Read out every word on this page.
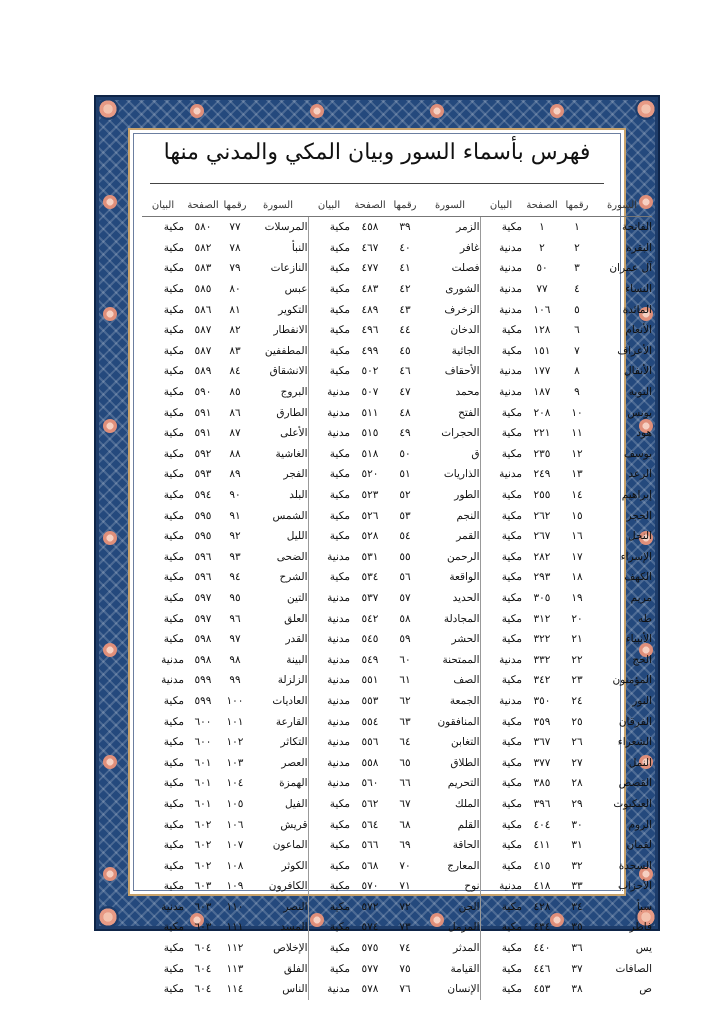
فهرس بأسماء السور وبيان المكي والمدني منها
السورة	رقمها	الصفحة	البيان	السورة	رقمها	الصفحة	البيان	السورة	رقمها	الصفحة	البيان
الفاتحة	١	١	مكية	الزمر	٣٩	٤٥٨	مكية	المرسلات	٧٧	٥٨٠	مكية
البقرة	٢	٢	مدنية	غافر	٤٠	٤٦٧	مكية	النبأ	٧٨	٥٨٢	مكية
آل عمران	٣	٥٠	مدنية	فصلت	٤١	٤٧٧	مكية	النازعات	٧٩	٥٨٣	مكية
النساء	٤	٧٧	مدنية	الشورى	٤٢	٤٨٣	مكية	عبس	٨٠	٥٨٥	مكية
المائدة	٥	١٠٦	مدنية	الزخرف	٤٣	٤٨٩	مكية	التكوير	٨١	٥٨٦	مكية
الأنعام	٦	١٢٨	مكية	الدخان	٤٤	٤٩٦	مكية	الانفطار	٨٢	٥٨٧	مكية
الأعراف	٧	١٥١	مكية	الجاثية	٤٥	٤٩٩	مكية	المطففين	٨٣	٥٨٧	مكية
الأنفال	٨	١٧٧	مدنية	الأحقاف	٤٦	٥٠٢	مكية	الانشقاق	٨٤	٥٨٩	مكية
التوبة	٩	١٨٧	مدنية	محمد	٤٧	٥٠٧	مدنية	البروج	٨٥	٥٩٠	مكية
يونس	١٠	٢٠٨	مكية	الفتح	٤٨	٥١١	مدنية	الطارق	٨٦	٥٩١	مكية
هود	١١	٢٢١	مكية	الحجرات	٤٩	٥١٥	مدنية	الأعلى	٨٧	٥٩١	مكية
يوسف	١٢	٢٣٥	مكية	ق	٥٠	٥١٨	مكية	الغاشية	٨٨	٥٩٢	مكية
الرعد	١٣	٢٤٩	مدنية	الذاريات	٥١	٥٢٠	مكية	الفجر	٨٩	٥٩٣	مكية
إبراهيم	١٤	٢٥٥	مكية	الطور	٥٢	٥٢٣	مكية	البلد	٩٠	٥٩٤	مكية
الحجر	١٥	٢٦٢	مكية	النجم	٥٣	٥٢٦	مكية	الشمس	٩١	٥٩٥	مكية
النحل	١٦	٢٦٧	مكية	القمر	٥٤	٥٢٨	مكية	الليل	٩٢	٥٩٥	مكية
الإسراء	١٧	٢٨٢	مكية	الرحمن	٥٥	٥٣١	مدنية	الضحى	٩٣	٥٩٦	مكية
الكهف	١٨	٢٩٣	مكية	الواقعة	٥٦	٥٣٤	مكية	الشرح	٩٤	٥٩٦	مكية
مريم	١٩	٣٠٥	مكية	الحديد	٥٧	٥٣٧	مدنية	التين	٩٥	٥٩٧	مكية
طه	٢٠	٣١٢	مكية	المجادلة	٥٨	٥٤٢	مدنية	العلق	٩٦	٥٩٧	مكية
الأنبياء	٢١	٣٢٢	مكية	الحشر	٥٩	٥٤٥	مدنية	القدر	٩٧	٥٩٨	مكية
الحج	٢٢	٣٣٢	مدنية	الممتحنة	٦٠	٥٤٩	مدنية	البينة	٩٨	٥٩٨	مدنية
المؤمنون	٢٣	٣٤٢	مكية	الصف	٦١	٥٥١	مدنية	الزلزلة	٩٩	٥٩٩	مدنية
النور	٢٤	٣٥٠	مدنية	الجمعة	٦٢	٥٥٣	مدنية	العاديات	١٠٠	٥٩٩	مكية
الفرقان	٢٥	٣٥٩	مكية	المنافقون	٦٣	٥٥٤	مدنية	القارعة	١٠١	٦٠٠	مكية
الشعراء	٢٦	٣٦٧	مكية	التغابن	٦٤	٥٥٦	مدنية	التكاثر	١٠٢	٦٠٠	مكية
النمل	٢٧	٣٧٧	مكية	الطلاق	٦٥	٥٥٨	مدنية	العصر	١٠٣	٦٠١	مكية
القصص	٢٨	٣٨٥	مكية	التحريم	٦٦	٥٦٠	مدنية	الهمزة	١٠٤	٦٠١	مكية
العنكبوت	٢٩	٣٩٦	مكية	الملك	٦٧	٥٦٢	مكية	الفيل	١٠٥	٦٠١	مكية
الروم	٣٠	٤٠٤	مكية	القلم	٦٨	٥٦٤	مكية	قريش	١٠٦	٦٠٢	مكية
لقمان	٣١	٤١١	مكية	الحاقة	٦٩	٥٦٦	مكية	الماعون	١٠٧	٦٠٢	مكية
السجدة	٣٢	٤١٥	مكية	المعارج	٧٠	٥٦٨	مكية	الكوثر	١٠٨	٦٠٢	مكية
الأحزاب	٣٣	٤١٨	مدنية	نوح	٧١	٥٧٠	مكية	الكافرون	١٠٩	٦٠٣	مكية
سبأ	٣٤	٤٢٨	مكية	الجن	٧٢	٥٧٢	مكية	النصر	١١٠	٦٠٣	مدنية
فاطر	٣٥	٤٣٤	مكية	المزمل	٧٣	٥٧٤	مكية	المسد	١١١	٦٠٣	مكية
يس	٣٦	٤٤٠	مكية	المدثر	٧٤	٥٧٥	مكية	الإخلاص	١١٢	٦٠٤	مكية
الصافات	٣٧	٤٤٦	مكية	القيامة	٧٥	٥٧٧	مكية	الفلق	١١٣	٦٠٤	مكية
ص	٣٨	٤٥٣	مكية	الإنسان	٧٦	٥٧٨	مدنية	الناس	١١٤	٦٠٤	مكية
